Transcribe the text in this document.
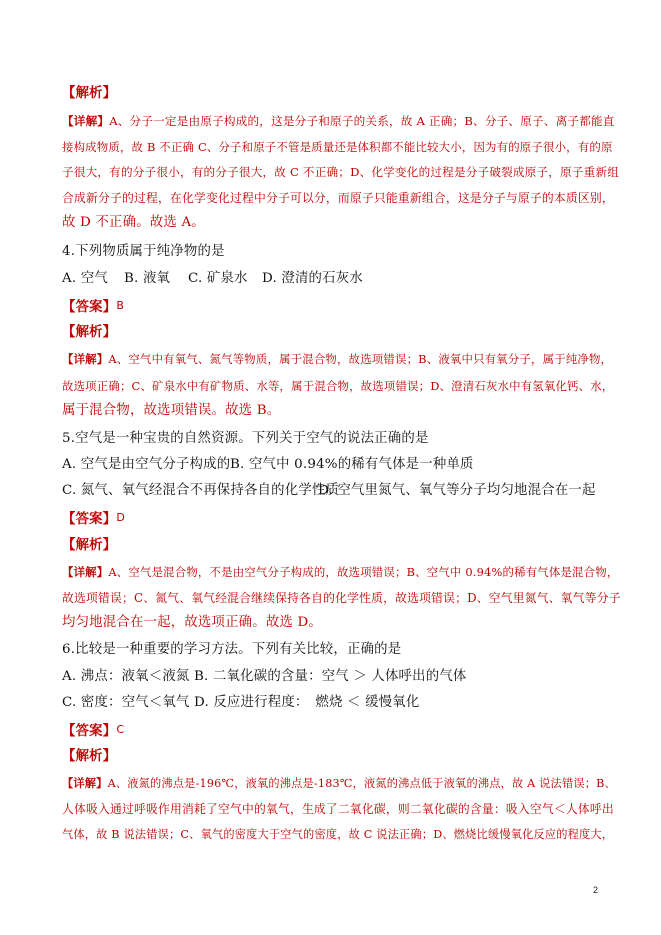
【解析】
【详解】A、分子一定是由原子构成的，这是分子和原子的关系，故 A 正确；B、分子、原子、离子都能直
接构成物质，故 B 不正确 C、分子和原子不管是质量还是体积都不能比较大小，因为有的原子很小，有的原
子很大，有的分子很小，有的分子很大，故 C 不正确；D、化学变化的过程是分子破裂成原子，原子重新组
合成新分子的过程，在化学变化过程中分子可以分，而原子只能重新组合，这是分子与原子的本质区别，
故 D 不正确。故选 A。
4.下列物质属于纯净物的是
A. 空气 B. 液氧 C. 矿泉水 D. 澄清的石灰水
【答案】B
【解析】
【详解】A、空气中有氧气、氮气等物质，属于混合物，故选项错误；B、液氧中只有氧分子，属于纯净物，
故选项正确；C、矿泉水中有矿物质、水等，属于混合物，故选项错误；D、澄清石灰水中有氢氧化钙、水，
属于混合物，故选项错误。故选 B。
5.空气是一种宝贵的自然资源。下列关于空气的说法正确的是
A. 空气是由空气分子构成的B. 空气中 0.94%的稀有气体是一种单质
C. 氮气、氧气经混合不再保持各自的化学性质D. 空气里氮气、氧气等分子均匀地混合在一起
【答案】D
【解析】
【详解】A、空气是混合物，不是由空气分子构成的，故选项错误；B、空气中 0.94%的稀有气体是混合物，
故选项错误；C、氮气、氧气经混合继续保持各自的化学性质，故选项错误；D、空气里氮气、氧气等分子
均匀地混合在一起，故选项正确。故选 D。
6.比较是一种重要的学习方法。下列有关比较，正确的是
A. 沸点：液氧＜液氮 B. 二氧化碳的含量：空气 ＞ 人体呼出的气体
C. 密度：空气＜氧气 D. 反应进行程度：　燃烧 ＜ 缓慢氧化
【答案】C
【解析】
【详解】A、液氮的沸点是-196℃，液氧的沸点是-183℃，液氮的沸点低于液氧的沸点，故 A 说法错误；B、
人体吸入通过呼吸作用消耗了空气中的氧气，生成了二氧化碳，则二氧化碳的含量：吸入空气＜人体呼出
气体，故 B 说法错误；C、氧气的密度大于空气的密度，故 C 说法正确；D、燃烧比缓慢氧化反应的程度大，
2
